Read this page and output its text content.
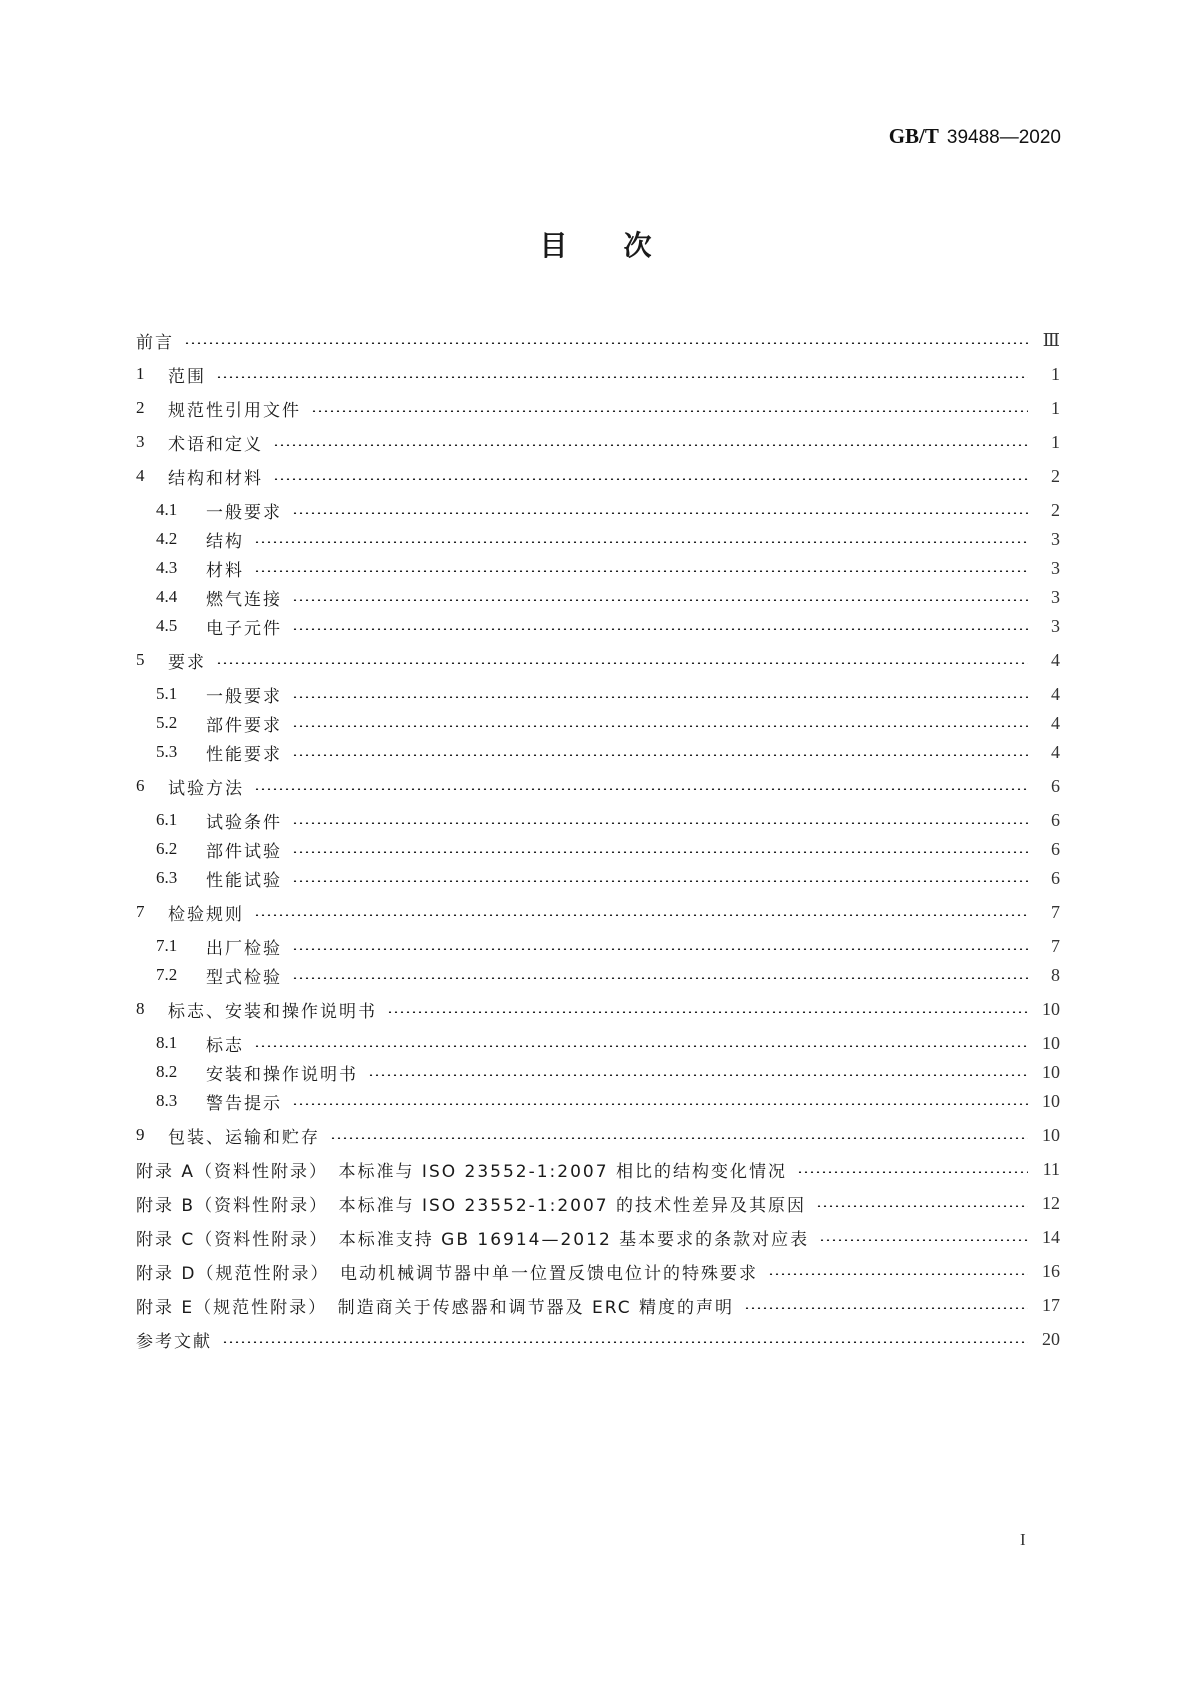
GB/T 39488—2020
目次
前言	Ⅲ
1	范围	1
2	规范性引用文件	1
3	术语和定义	1
4	结构和材料	2
4.1	一般要求	2
4.2	结构	3
4.3	材料	3
4.4	燃气连接	3
4.5	电子元件	3
5	要求	4
5.1	一般要求	4
5.2	部件要求	4
5.3	性能要求	4
6	试验方法	6
6.1	试验条件	6
6.2	部件试验	6
6.3	性能试验	6
7	检验规则	7
7.1	出厂检验	7
7.2	型式检验	8
8	标志、安装和操作说明书	10
8.1	标志	10
8.2	安装和操作说明书	10
8.3	警告提示	10
9	包装、运输和贮存	10
附录 A（资料性附录）　本标准与 ISO 23552-1:2007 相比的结构变化情况	11
附录 B（资料性附录）　本标准与 ISO 23552-1:2007 的技术性差异及其原因	12
附录 C（资料性附录）　本标准支持 GB 16914—2012 基本要求的条款对应表	14
附录 D（规范性附录）　电动机械调节器中单一位置反馈电位计的特殊要求	16
附录 E（规范性附录）　制造商关于传感器和调节器及 ERC 精度的声明	17
参考文献	20
I
